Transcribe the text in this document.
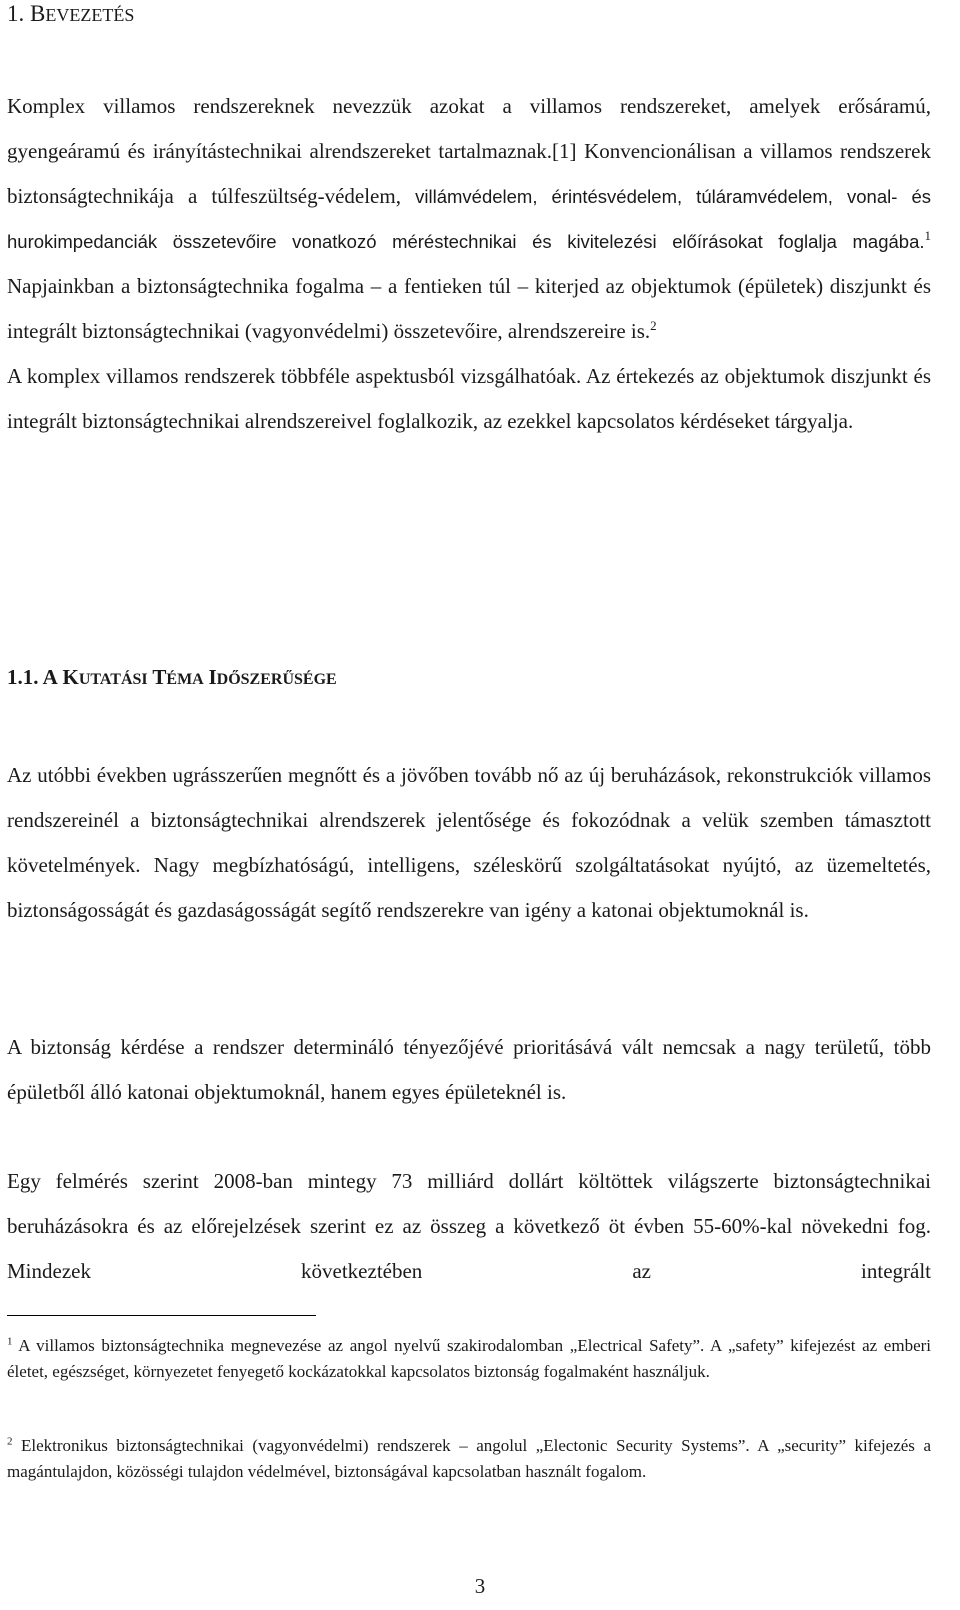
1. BEVEZETÉS
Komplex villamos rendszereknek nevezzük azokat a villamos rendszereket, amelyek erősáramú, gyengeáramú és irányítástechnikai alrendszereket tartalmaznak.[1] Konvencionálisan a villamos rendszerek biztonságtechnikája a túlfeszültség-védelem, villámvédelem, érintésvédelem, túláramvédelem, vonal- és hurokimpedanciák összetevőire vonatkozó méréstechnikai és kivitelezési előírásokat foglalja magába.$^1$ Napjainkban a biztonságtechnika fogalma – a fentieken túl – kiterjed az objektumok (épületek) diszjunkt és integrált biztonságtechnikai (vagyonvédelmi) összetevőire, alrendszereire is.$^2$
A komplex villamos rendszerek többféle aspektusból vizsgálhatóak. Az értekezés az objektumok diszjunkt és integrált biztonságtechnikai alrendszereivel foglalkozik, az ezekkel kapcsolatos kérdéseket tárgyalja.
1.1. A KUTATÁSI TÉMA IDŐSZERŰSÉGE
Az utóbbi években ugrásszerűen megnőtt és a jövőben tovább nő az új beruházások, rekonstrukciók villamos rendszereinél a biztonságtechnikai alrendszerek jelentősége és fokozódnak a velük szemben támasztott követelmények. Nagy megbízhatóságú, intelligens, széleskörű szolgáltatásokat nyújtó, az üzemeltetés, biztonságosságát és gazdaságosságát segítő rendszerekre van igény a katonai objektumoknál is.
A biztonság kérdése a rendszer determináló tényezőjévé prioritásává vált nemcsak a nagy területű, több épületből álló katonai objektumoknál, hanem egyes épületeknél is.
Egy felmérés szerint 2008-ban mintegy 73 milliárd dollárt költöttek világszerte biztonságtechnikai beruházásokra és az előrejelzések szerint ez az összeg a következő öt évben 55-60%-kal növekedni fog. Mindezek következtében az integrált
$^1$ A villamos biztonságtechnika megnevezése az angol nyelvű szakirodalomban „Electrical Safety”. A „safety” kifejezést az emberi életet, egészséget, környezetet fenyegető kockázatokkal kapcsolatos biztonság fogalmaként használjuk.
$^2$ Elektronikus biztonságtechnikai (vagyonvédelmi) rendszerek – angolul „Electonic Security Systems”. A „security” kifejezés a magántulajdon, közösségi tulajdon védelmével, biztonságával kapcsolatban használt fogalom.
3
